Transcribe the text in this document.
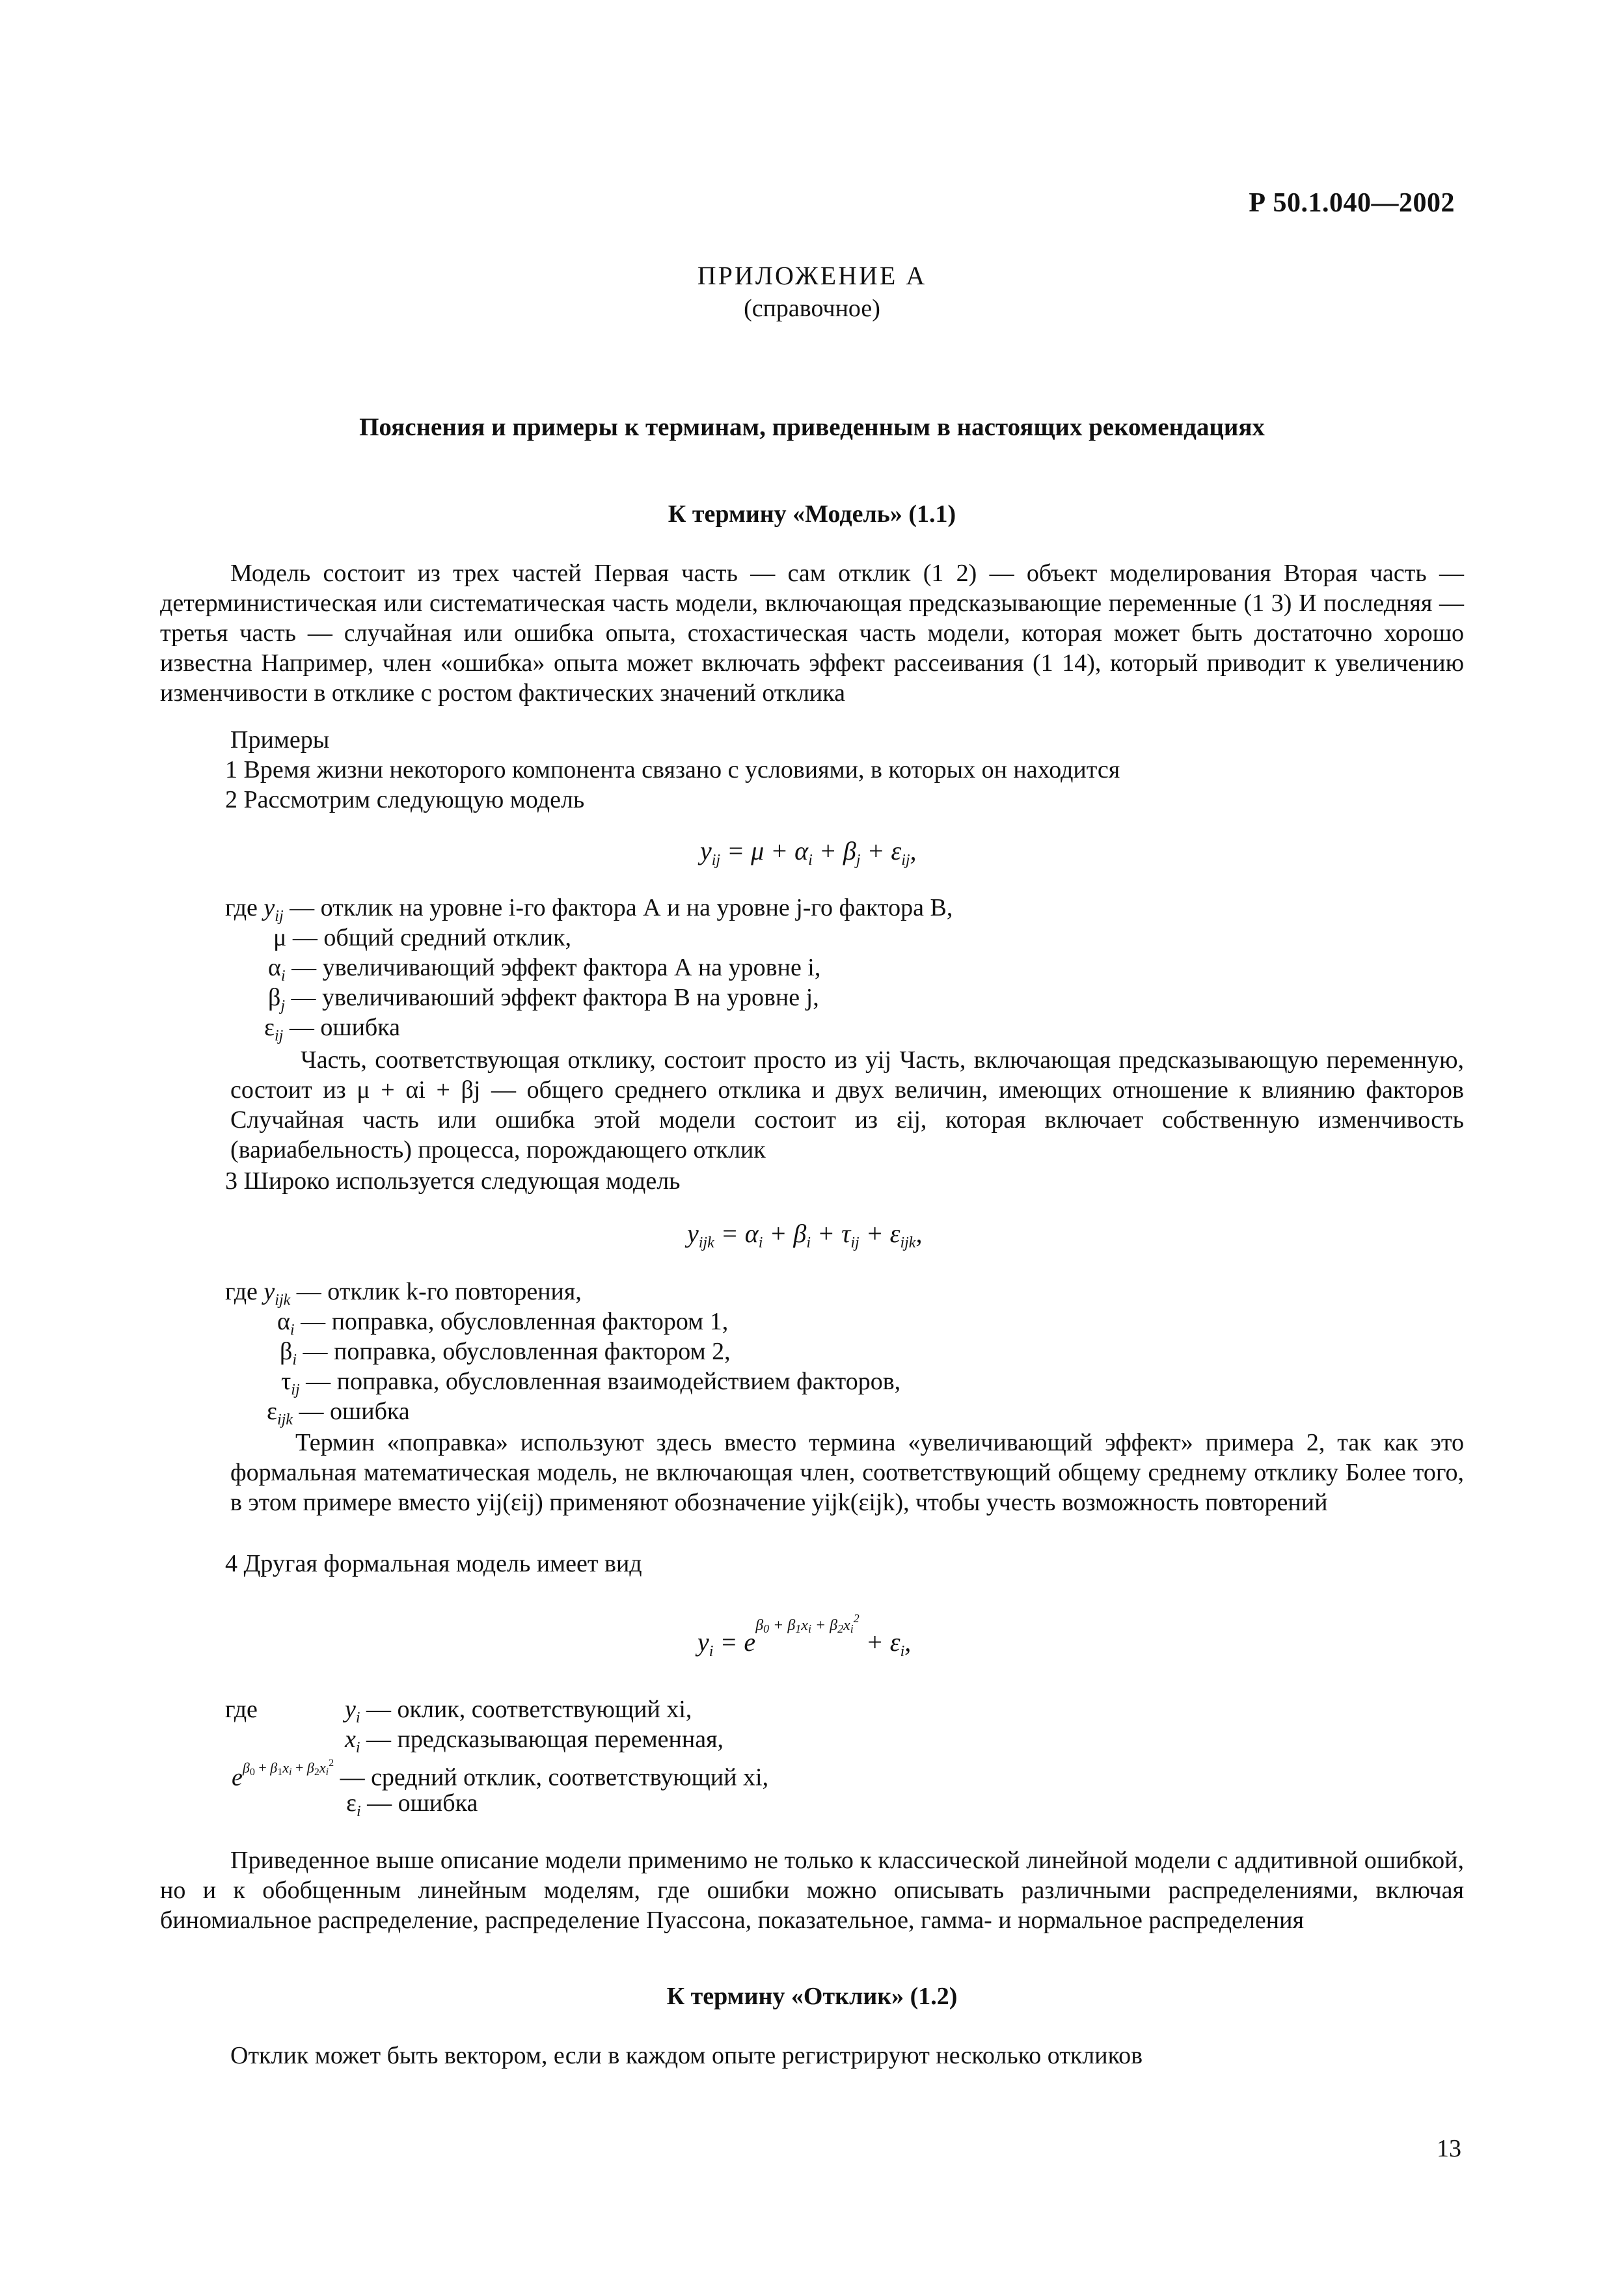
Р 50.1.040—2002
ПРИЛОЖЕНИЕ А
(справочное)
Пояснения и примеры к терминам, приведенным в настоящих рекомендациях
К термину «Модель» (1.1)

Модель состоит из трех частей Первая часть — сам отклик (1 2) — объект моделирования Вторая часть — детерминистическая или систематическая часть модели, включающая предсказывающие переменные (1 3) И последняя — третья часть — случайная или ошибка опыта, стохастическая часть модели, которая может быть достаточно хорошо известна Например, член «ошибка» опыта может включать эффект рассеивания (1 14), который приводит к увеличению изменчивости в отклике с ростом фактических значений отклика

Примеры
1 Время жизни некоторого компонента связано с условиями, в которых он находится
2 Рассмотрим следующую модель
$y_{ij} = \mu + \alpha_i + \beta_j + \varepsilon_{ij}$,
где $y_{ij}$ — отклик на уровне i-го фактора А и на уровне j-го фактора В,
μ — общий средний отклик,
$\alpha_i$ — увеличивающий эффект фактора А на уровне i,
$\beta_j$ — увеличиваюший эффект фактора В на уровне j,
$\varepsilon_{ij}$ — ошибка

Часть, соответствующая отклику, состоит просто из yij Часть, включающая предсказывающую переменную, состоит из μ + αi + βj — общего среднего отклика и двух величин, имеющих отношение к влиянию факторов Случайная часть или ошибка этой модели состоит из εij, которая включает собственную изменчивость (вариабельность) процесса, порождающего отклик

3 Широко используется следующая модель
$y_{ijk} = \alpha_i + \beta_i + \tau_{ij} + \varepsilon_{ijk}$,
где $y_{ijk}$ — отклик k-го повторения,
$\alpha_i$ — поправка, обусловленная фактором 1,
$\beta_i$ — поправка, обусловленная фактором 2,
$\tau_{ij}$ — поправка, обусловленная взаимодействием факторов,
$\varepsilon_{ijk}$ — ошибка

Термин «поправка» используют здесь вместо термина «увеличивающий эффект» примера 2, так как это формальная математическая модель, не включающая член, соответствующий общему среднему отклику Более того, в этом примере вместо yij(εij) применяют обозначение yijk(εijk), чтобы учесть возможность повторений

4 Другая формальная модель имеет вид
$y_i = e^{\beta_0 + \beta_1x_i + \beta_2x_i^2} + \varepsilon_i$,
где	$y_i$ — оклик, соответствующий xi,
$x_i$ — предсказывающая переменная,
$e^{\beta_0 + \beta_1x_i + \beta_2x_i^2}$ — средний отклик, соответствующий xi,
$\varepsilon_i$ — ошибка

Приведенное выше описание модели применимо не только к классической линейной модели с аддитивной ошибкой, но и к обобщенным линейным моделям, где ошибки можно описывать различными распределениями, включая биномиальное распределение, распределение Пуассона, показательное, гамма- и нормальное распределения

К термину «Отклик» (1.2)
Отклик может быть вектором, если в каждом опыте регистрируют несколько откликов
13
